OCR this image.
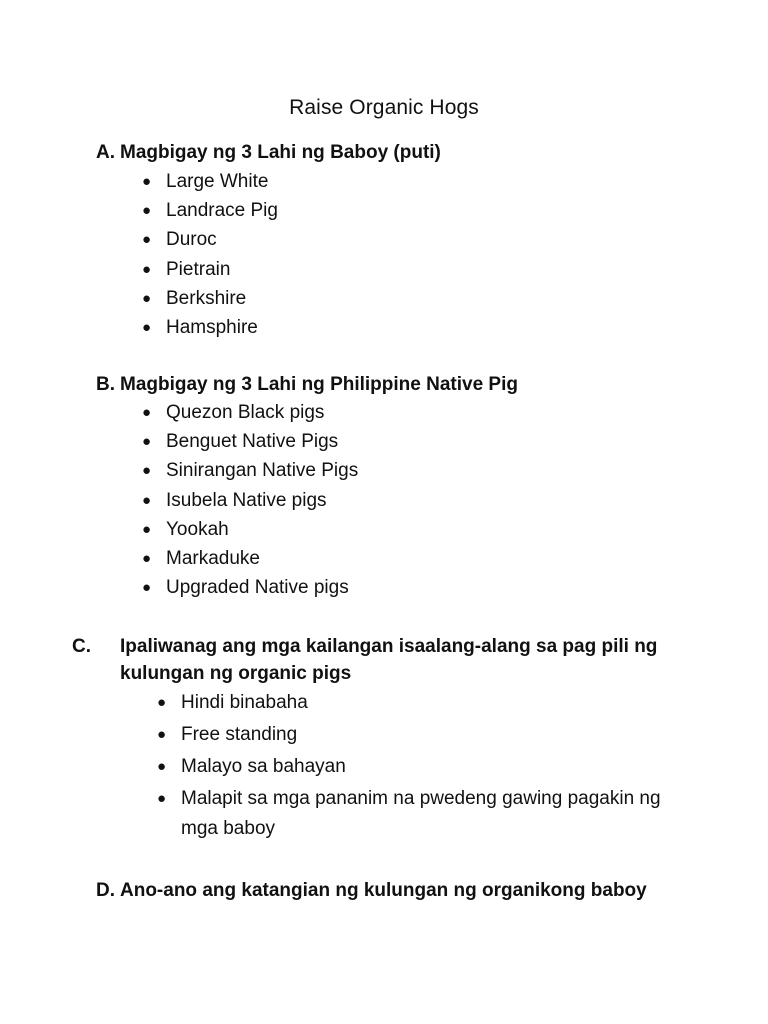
Raise Organic Hogs
A. Magbigay ng 3 Lahi ng Baboy (puti)
● Large White
● Landrace Pig
● Duroc
● Pietrain
● Berkshire
● Hamsphire
B. Magbigay ng 3 Lahi ng Philippine Native Pig
● Quezon Black pigs
● Benguet Native Pigs
● Sinirangan Native Pigs
● Isubela Native pigs
● Yookah
● Markaduke
● Upgraded Native pigs
C. Ipaliwanag ang mga kailangan isaalang-alang sa pag pili ng kulungan ng organic pigs
● Hindi binabaha
● Free standing
● Malayo sa bahayan
● Malapit sa mga pananim na pwedeng gawing pagakin ng mga baboy
D. Ano-ano ang katangian ng kulungan ng organikong baboy
